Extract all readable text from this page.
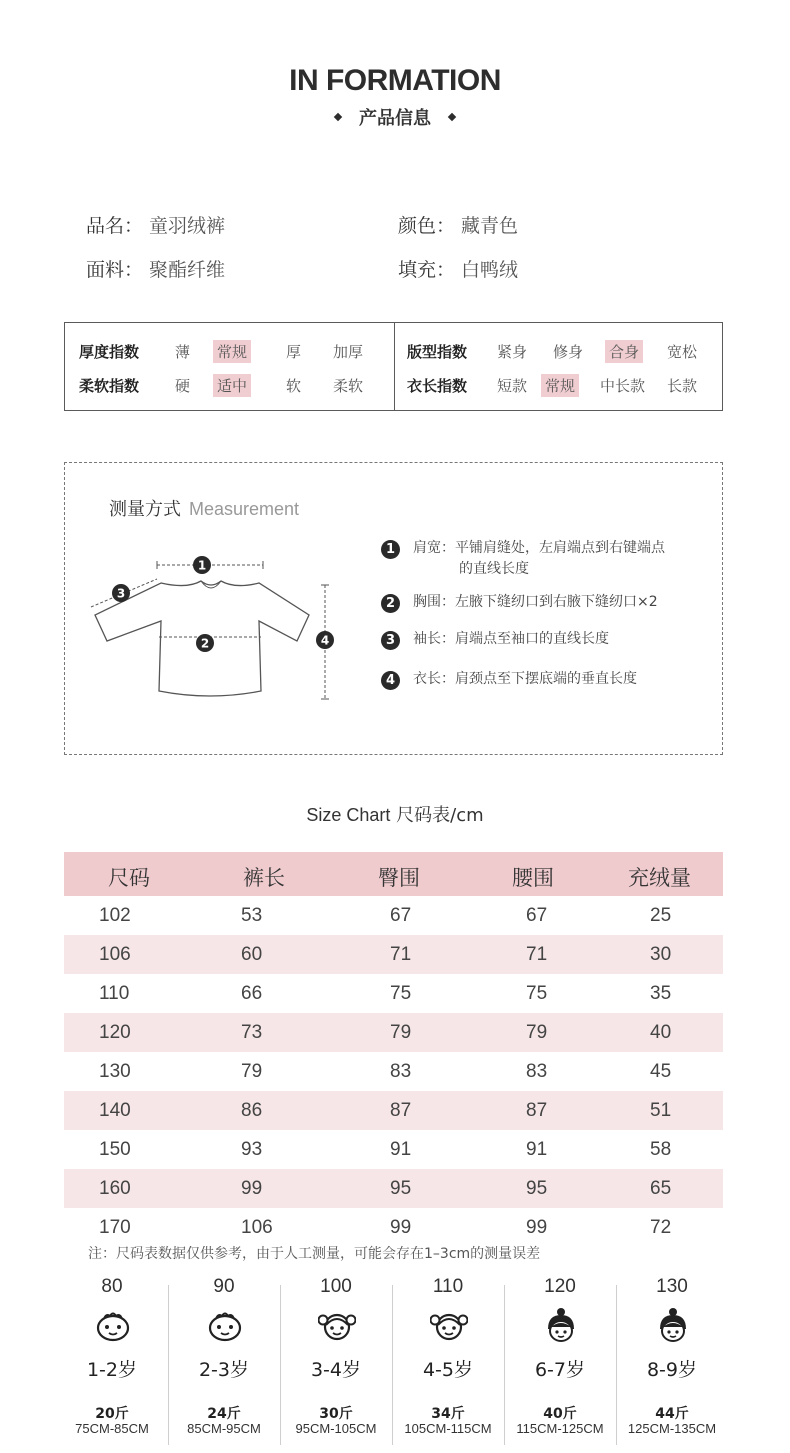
IN FORMATION
产品信息
品名： 童羽绒裤	颜色： 藏青色
面料： 聚酯纤维	填充： 白鸭绒
厚度指数 薄 常规	厚 加厚
柔软指数 硬 适中	软 柔软
版型指数 紧身 修身 合身 宽松
衣长指数 短款 常规 中长款 长款
测量方式 Measurement
1
2
3
4
1	肩宽：平铺肩缝处，左肩端点到右键端点
的直线长度
2	胸围：左腋下缝纫口到右腋下缝纫口×2
3	袖长：肩端点至袖口的直线长度
4	衣长：肩颈点至下摆底端的垂直长度
Size Chart 尺码表/cm
尺码	裤长	臀围	腰围	充绒量
102	53	67	67	25
106	60	71	71	30
110	66	75	75	35
120	73	79	79	40
130	79	83	83	45
140	86	87	87	51
150	93	91	91	58
160	99	95	95	65
170	106	99	99	72
注：尺码表数据仅供参考，由于人工测量，可能会存在1–3cm的测量误差
80
1-2岁
20斤
75CM-85CM
90
2-3岁
24斤
85CM-95CM
100
3-4岁
30斤
95CM-105CM
110
4-5岁
34斤
105CM-115CM
120
6-7岁
40斤
115CM-125CM
130
8-9岁
44斤
125CM-135CM
